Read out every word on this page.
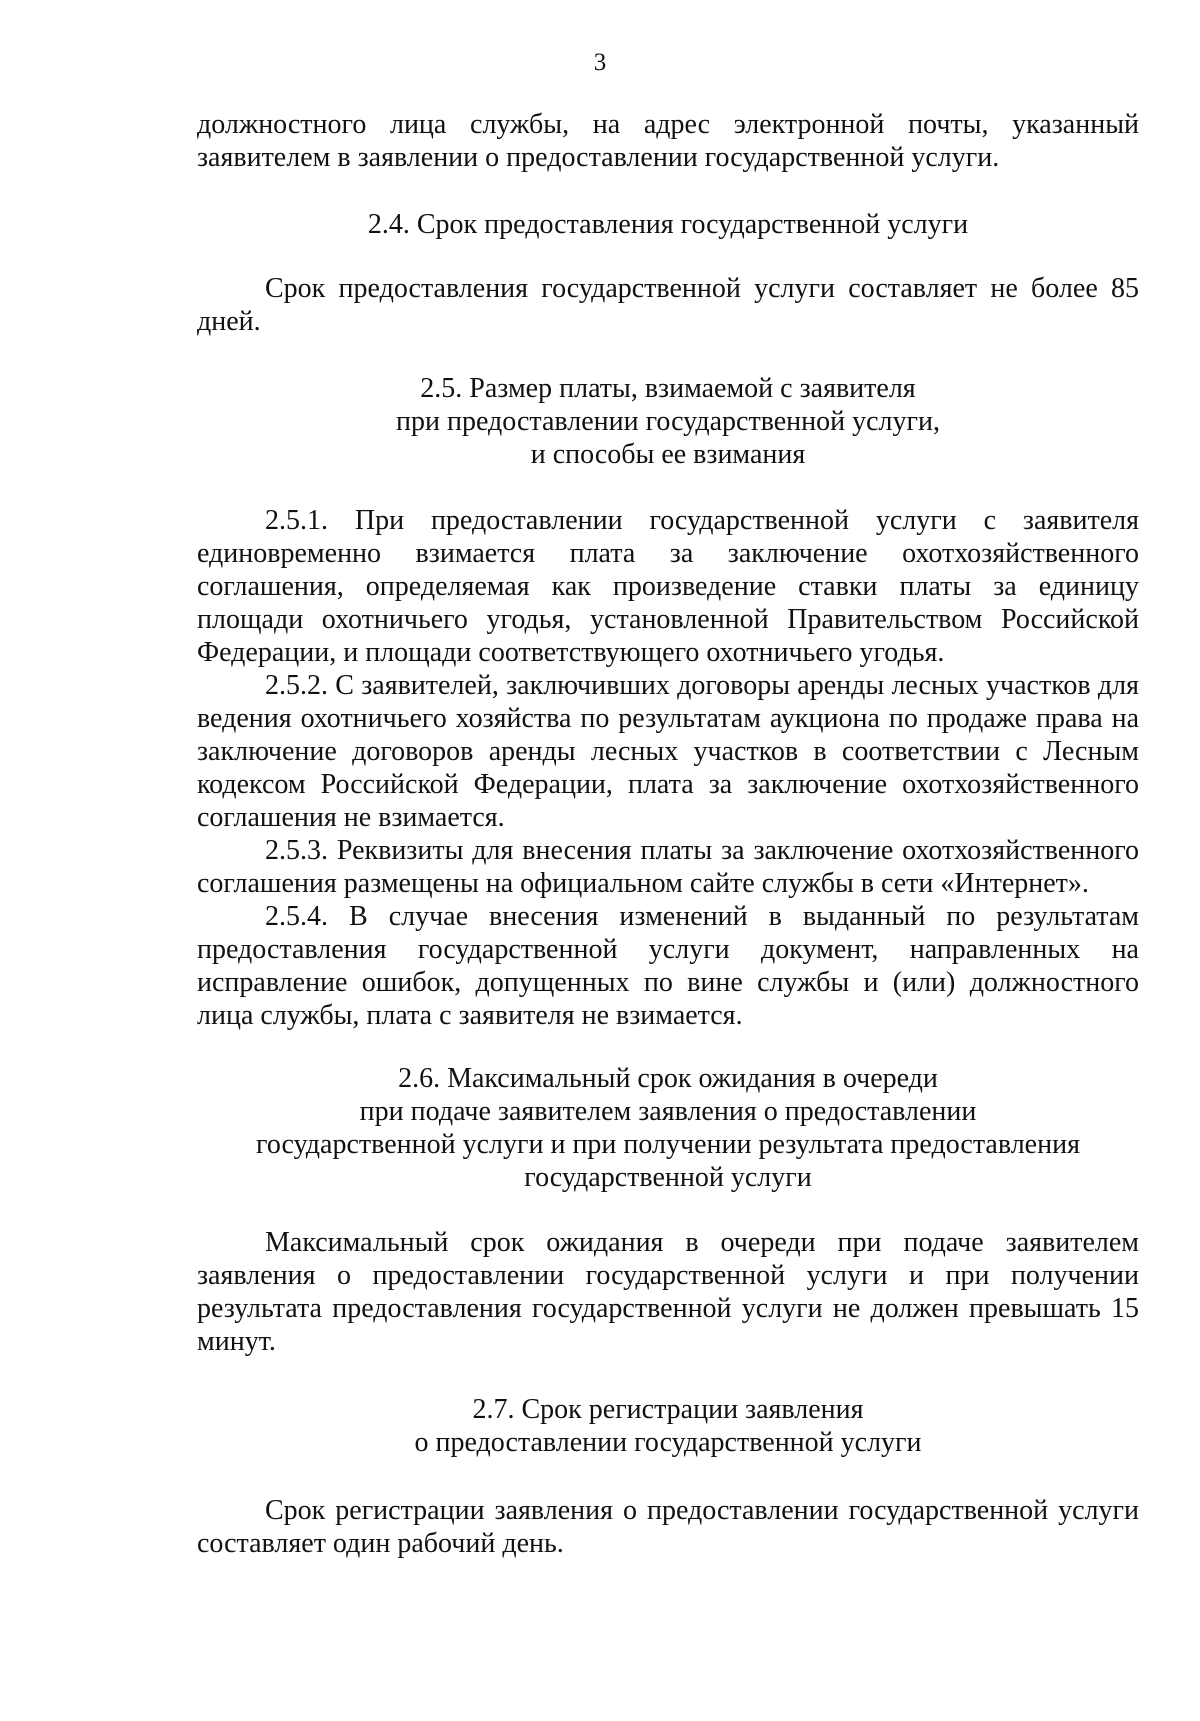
3

должностного лица службы, на адрес электронной почты, указанный заявителем в заявлении о предоставлении государственной услуги.

2.4. Срок предоставления государственной услуги

Срок предоставления государственной услуги составляет не более 85 дней.

2.5. Размер платы, взимаемой с заявителя
при предоставлении государственной услуги,
и способы ее взимания

2.5.1. При предоставлении государственной услуги с заявителя единовременно взимается плата за заключение охотхозяйственного соглашения, определяемая как произведение ставки платы за единицу площади охотничьего угодья, установленной Правительством Российской Федерации, и площади соответствующего охотничьего угодья.

2.5.2. С заявителей, заключивших договоры аренды лесных участков для ведения охотничьего хозяйства по результатам аукциона по продаже права на заключение договоров аренды лесных участков в соответствии с Лесным кодексом Российской Федерации, плата за заключение охотхозяйственного соглашения не взимается.

2.5.3. Реквизиты для внесения платы за заключение охотхозяйственного соглашения размещены на официальном сайте службы в сети «Интернет».

2.5.4. В случае внесения изменений в выданный по результатам предоставления государственной услуги документ, направленных на исправление ошибок, допущенных по вине службы и (или) должностного лица службы, плата с заявителя не взимается.

2.6. Максимальный срок ожидания в очереди
при подаче заявителем заявления о предоставлении
государственной услуги и при получении результата предоставления
государственной услуги

Максимальный срок ожидания в очереди при подаче заявителем заявления о предоставлении государственной услуги и при получении результата предоставления государственной услуги не должен превышать 15 минут.

2.7. Срок регистрации заявления
о предоставлении государственной услуги

Срок регистрации заявления о предоставлении государственной услуги составляет один рабочий день.
